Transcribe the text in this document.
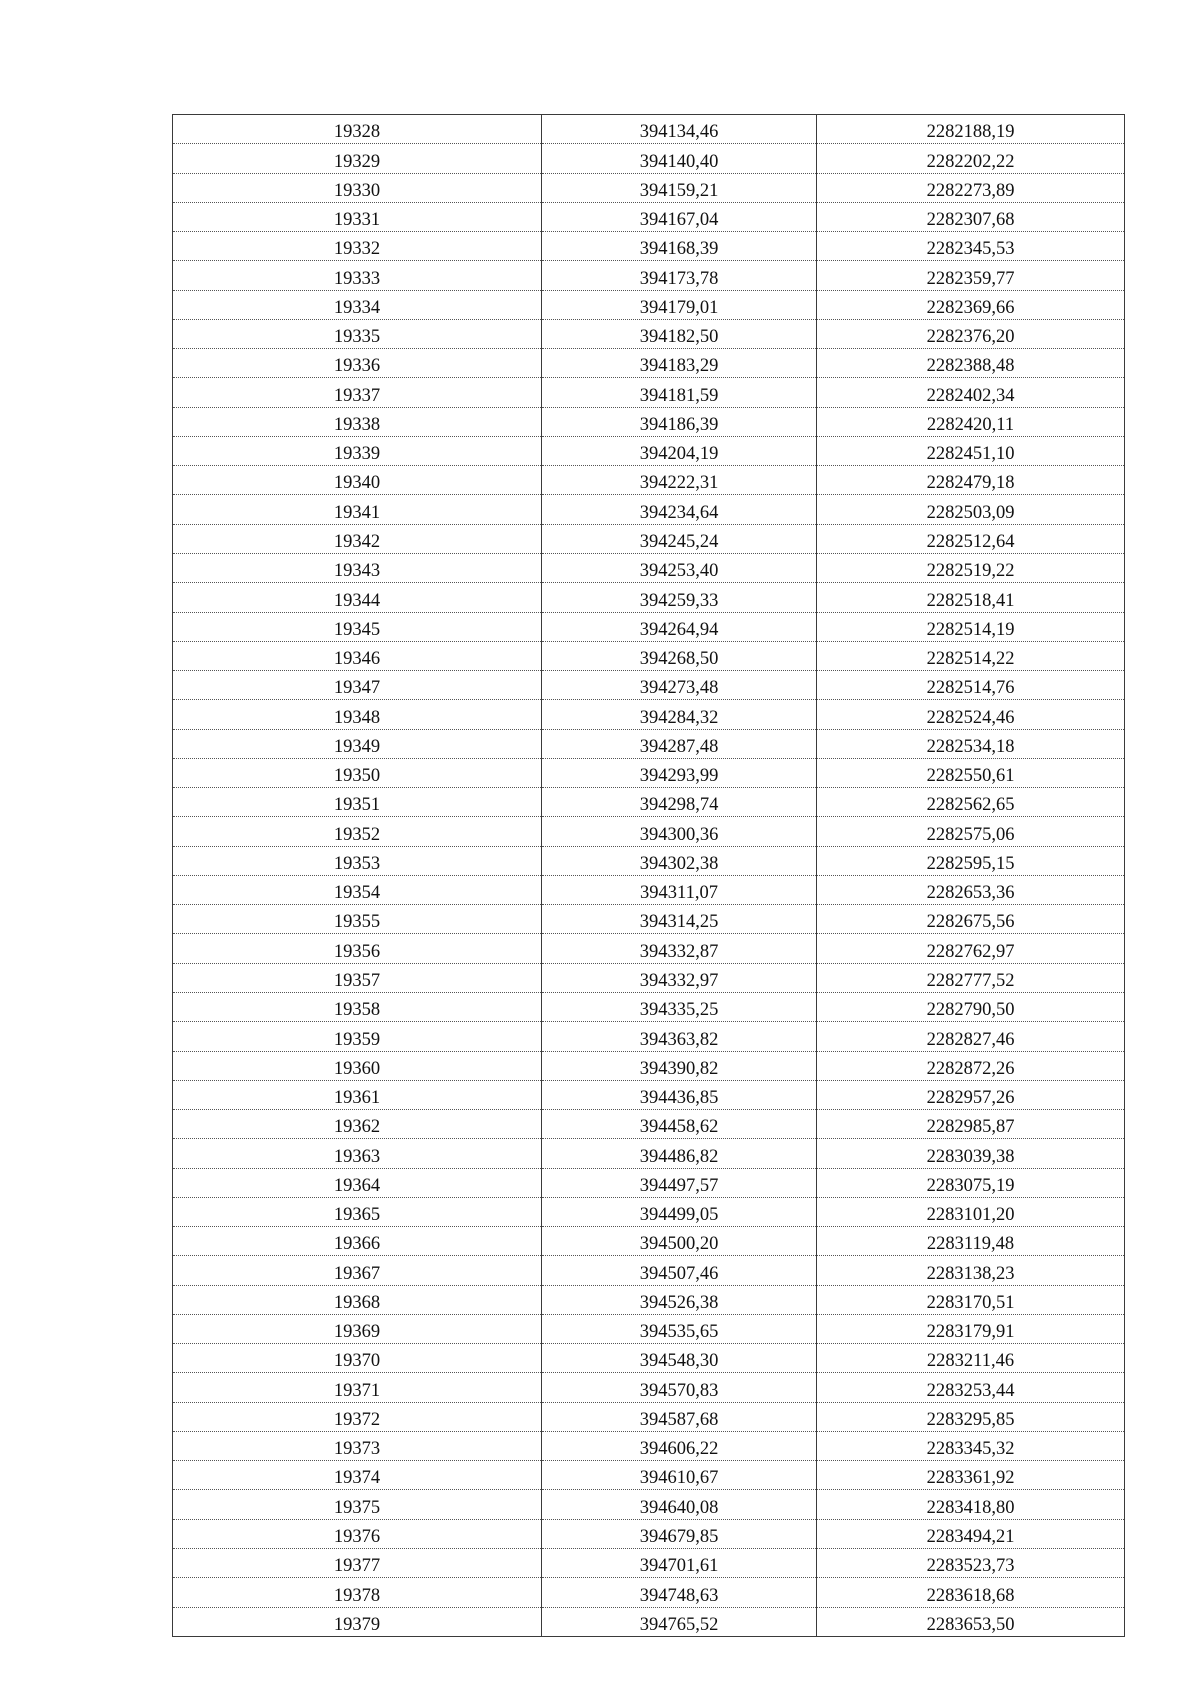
19328	394134,46	2282188,19
19329	394140,40	2282202,22
19330	394159,21	2282273,89
19331	394167,04	2282307,68
19332	394168,39	2282345,53
19333	394173,78	2282359,77
19334	394179,01	2282369,66
19335	394182,50	2282376,20
19336	394183,29	2282388,48
19337	394181,59	2282402,34
19338	394186,39	2282420,11
19339	394204,19	2282451,10
19340	394222,31	2282479,18
19341	394234,64	2282503,09
19342	394245,24	2282512,64
19343	394253,40	2282519,22
19344	394259,33	2282518,41
19345	394264,94	2282514,19
19346	394268,50	2282514,22
19347	394273,48	2282514,76
19348	394284,32	2282524,46
19349	394287,48	2282534,18
19350	394293,99	2282550,61
19351	394298,74	2282562,65
19352	394300,36	2282575,06
19353	394302,38	2282595,15
19354	394311,07	2282653,36
19355	394314,25	2282675,56
19356	394332,87	2282762,97
19357	394332,97	2282777,52
19358	394335,25	2282790,50
19359	394363,82	2282827,46
19360	394390,82	2282872,26
19361	394436,85	2282957,26
19362	394458,62	2282985,87
19363	394486,82	2283039,38
19364	394497,57	2283075,19
19365	394499,05	2283101,20
19366	394500,20	2283119,48
19367	394507,46	2283138,23
19368	394526,38	2283170,51
19369	394535,65	2283179,91
19370	394548,30	2283211,46
19371	394570,83	2283253,44
19372	394587,68	2283295,85
19373	394606,22	2283345,32
19374	394610,67	2283361,92
19375	394640,08	2283418,80
19376	394679,85	2283494,21
19377	394701,61	2283523,73
19378	394748,63	2283618,68
19379	394765,52	2283653,50
